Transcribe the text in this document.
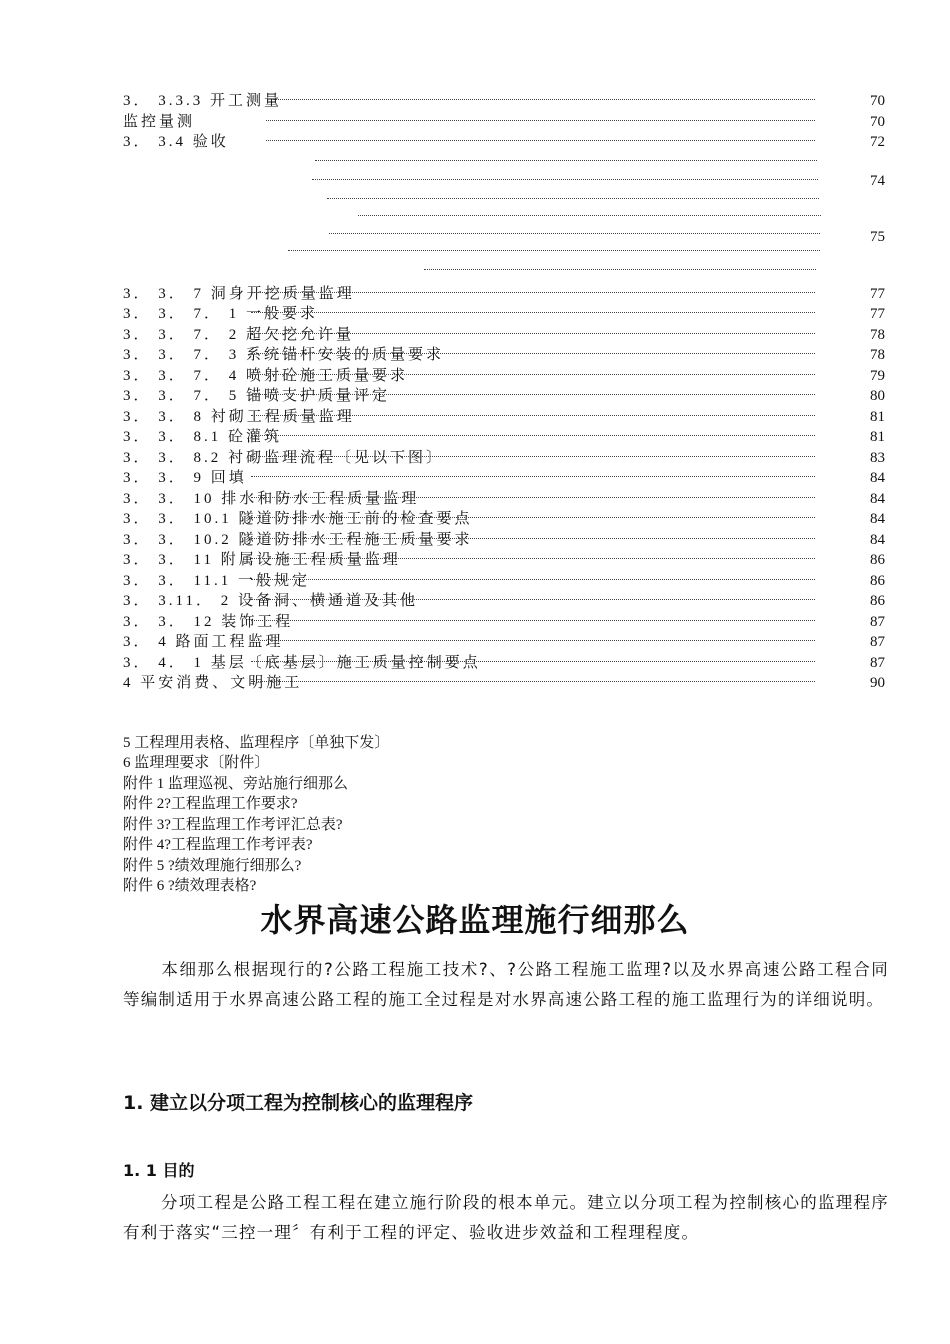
3． 3.3.3 开工测量	70
监控量测	70
3． 3.4 验收	72
74
75
3． 3． 7 洞身开挖质量监理	77
3． 3． 7． 1 一般要求	77
3． 3． 7． 2 超欠挖允许量	78
3． 3． 7． 3 系统锚杆安装的质量要求	78
3． 3． 7． 4 喷射砼施工质量要求	79
3． 3． 7． 5 锚喷支护质量评定	80
3． 3． 8 衬砌工程质量监理	81
3． 3． 8.1 砼灌筑	81
3． 3． 8.2 衬砌监理流程〔见以下图〕	83
3． 3． 9 回填	84
3． 3． 10 排水和防水工程质量监理	84
3． 3． 10.1 隧道防排水施工前的检查要点	84
3． 3． 10.2 隧道防排水工程施工质量要求	84
3． 3． 11 附属设施工程质量监理	86
3． 3． 11.1 一般规定	86
3． 3.11． 2 设备洞、横通道及其他	86
3． 3． 12 装饰工程	87
3． 4 路面工程监理	87
3． 4． 1 基层〔底基层〕施工质量控制要点	87
4 平安消费、文明施工	90
5 工程理用表格、监理程序〔单独下发〕
6 监理理要求〔附件〕
附件 1 监理巡视、旁站施行细那么
附件 2?工程监理工作要求?
附件 3?工程监理工作考评汇总表?
附件 4?工程监理工作考评表?
附件 5 ?绩效理施行细那么?
附件 6 ?绩效理表格?
水界高速公路监理施行细那么
本细那么根据现行的?公路工程施工技术?、?公路工程施工监理?以及水界高速公路工程合同等编制适用于水界高速公路工程的施工全过程是对水界高速公路工程的施工监理行为的详细说明。
1. 建立以分项工程为控制核心的监理程序
1. 1 目的
分项工程是公路工程工程在建立施行阶段的根本单元。建立以分项工程为控制核心的监理程序有利于落实“三控一理〞有利于工程的评定、验收进步效益和工程理程度。
